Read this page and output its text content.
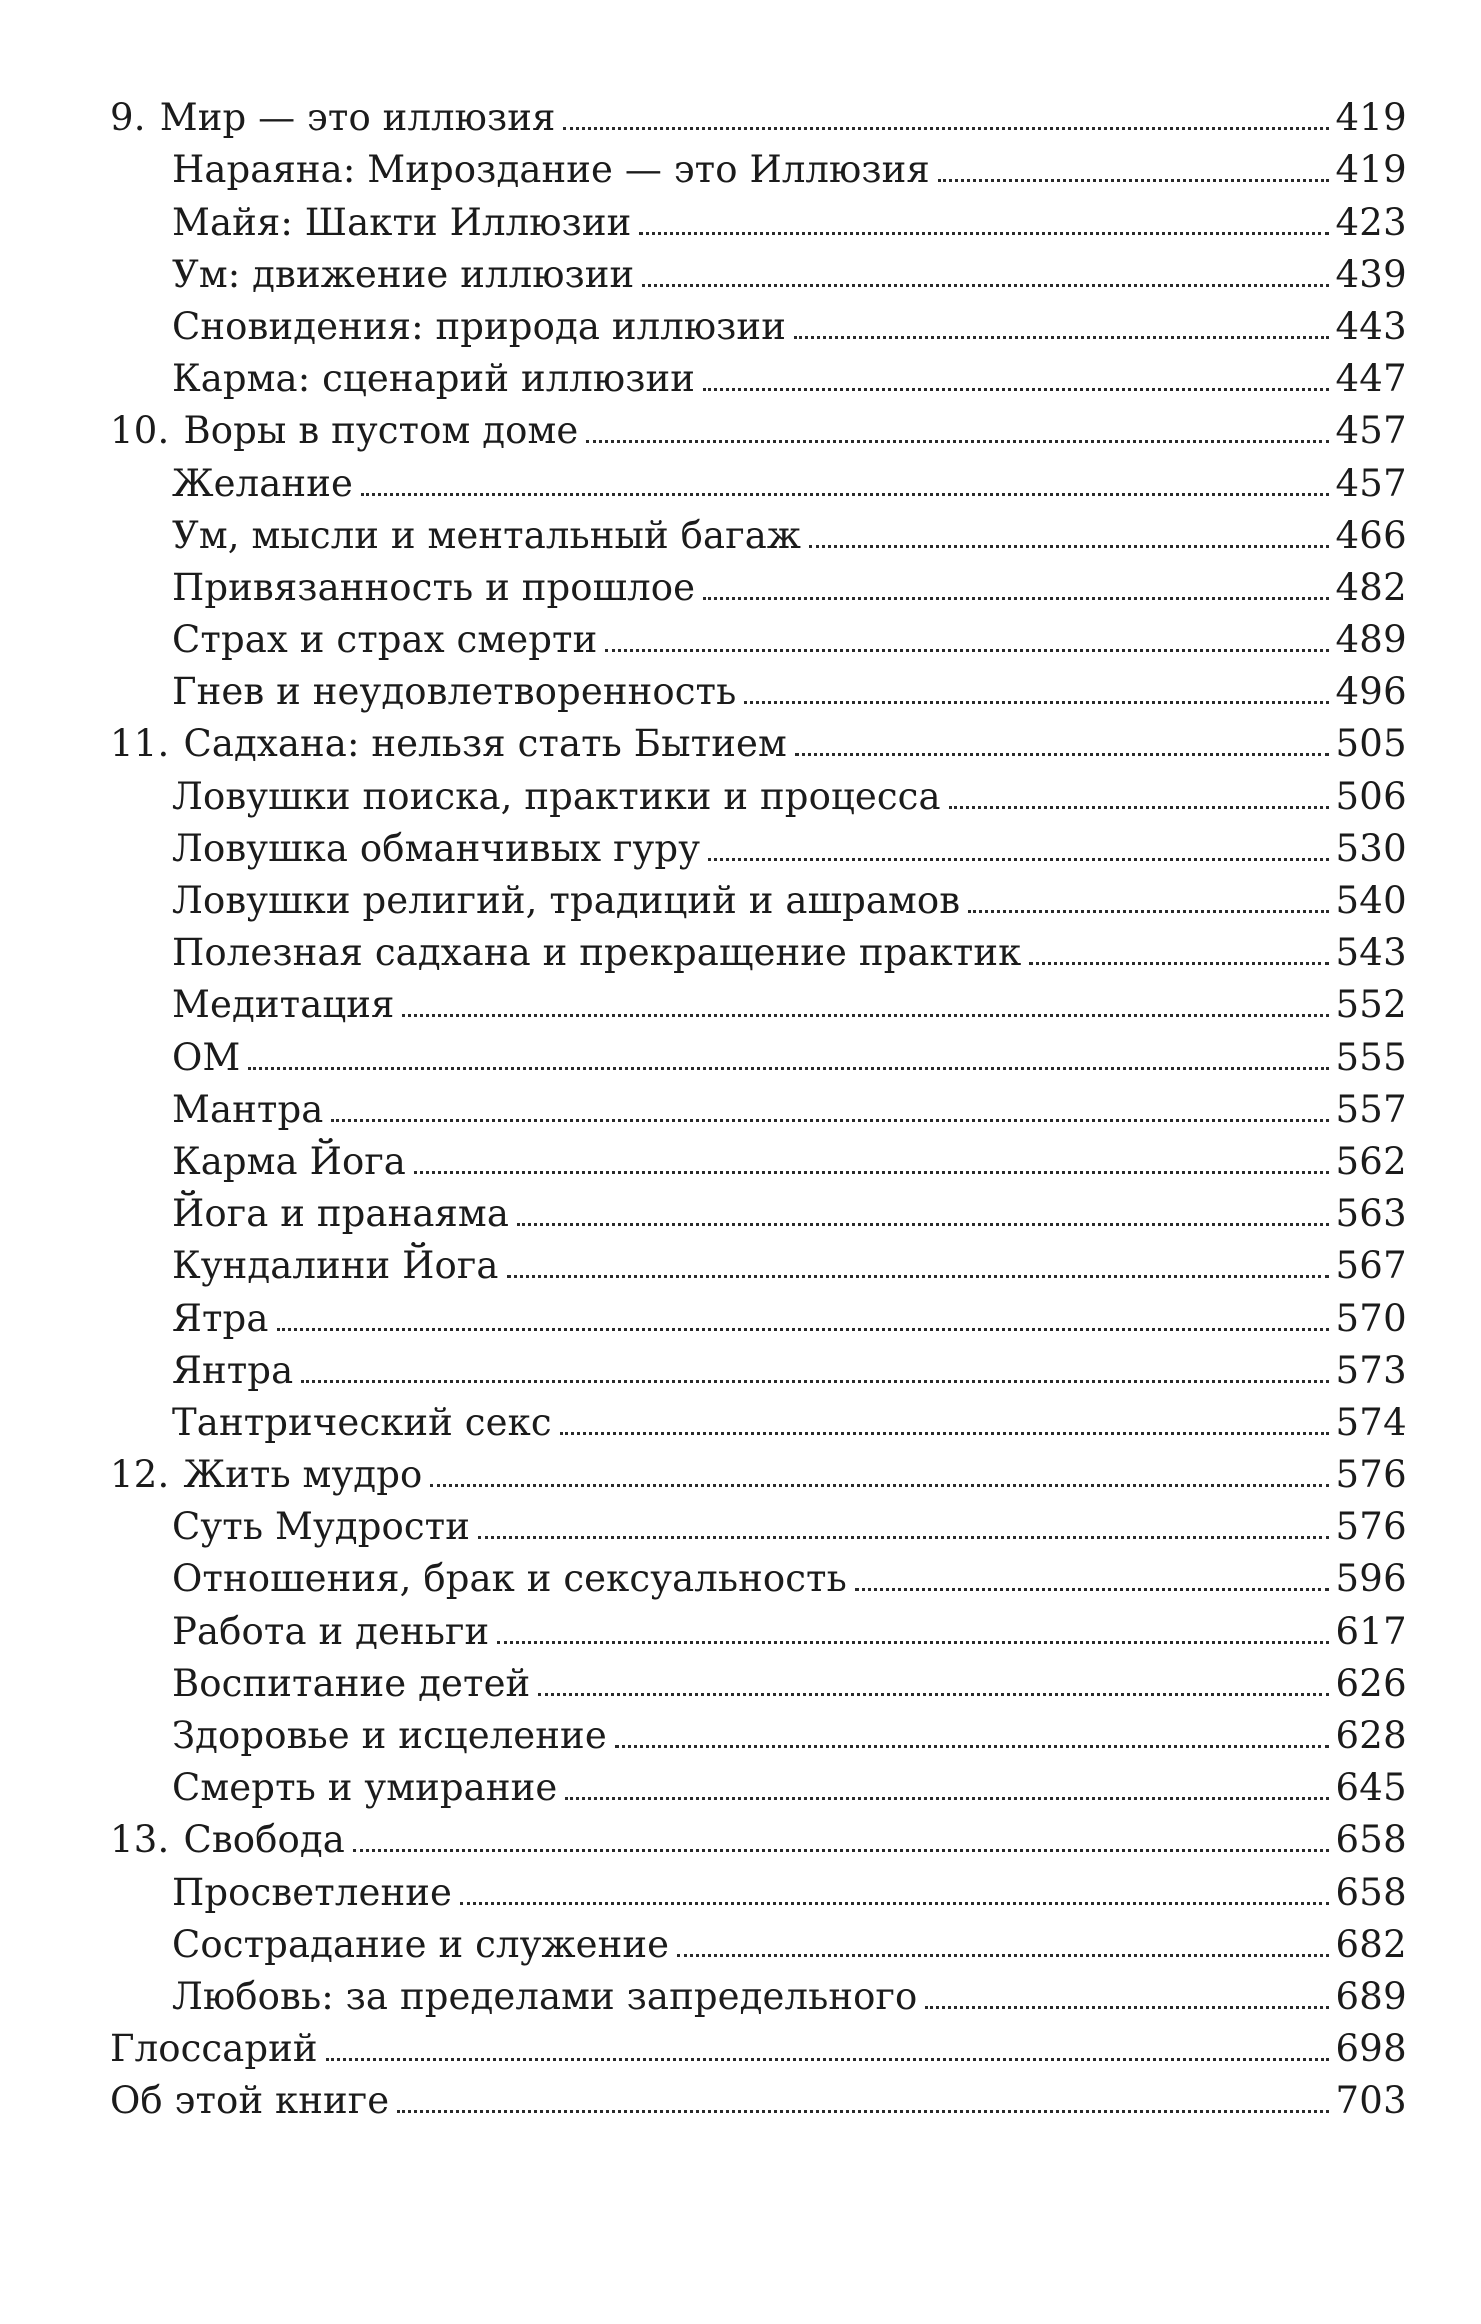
9. Мир — это иллюзия	419
Нараяна: Мироздание — это Иллюзия	419
Майя: Шакти Иллюзии	423
Ум: движение иллюзии	439
Сновидения: природа иллюзии	443
Карма: сценарий иллюзии	447
10. Воры в пустом доме	457
Желание	457
Ум, мысли и ментальный багаж	466
Привязанность и прошлое	482
Страх и страх смерти	489
Гнев и неудовлетворенность	496
11. Садхана: нельзя стать Бытием	505
Ловушки поиска, практики и процесса	506
Ловушка обманчивых гуру	530
Ловушки религий, традиций и ашрамов	540
Полезная садхана и прекращение практик	543
Медитация	552
ОМ	555
Мантра	557
Карма Йога	562
Йога и пранаяма	563
Кундалини Йога	567
Ятра	570
Янтра	573
Тантрический секс	574
12. Жить мудро	576
Суть Мудрости	576
Отношения, брак и сексуальность	596
Работа и деньги	617
Воспитание детей	626
Здоровье и исцеление	628
Смерть и умирание	645
13. Свобода	658
Просветление	658
Сострадание и служение	682
Любовь: за пределами запредельного	689
Глоссарий	698
Об этой книге	703
